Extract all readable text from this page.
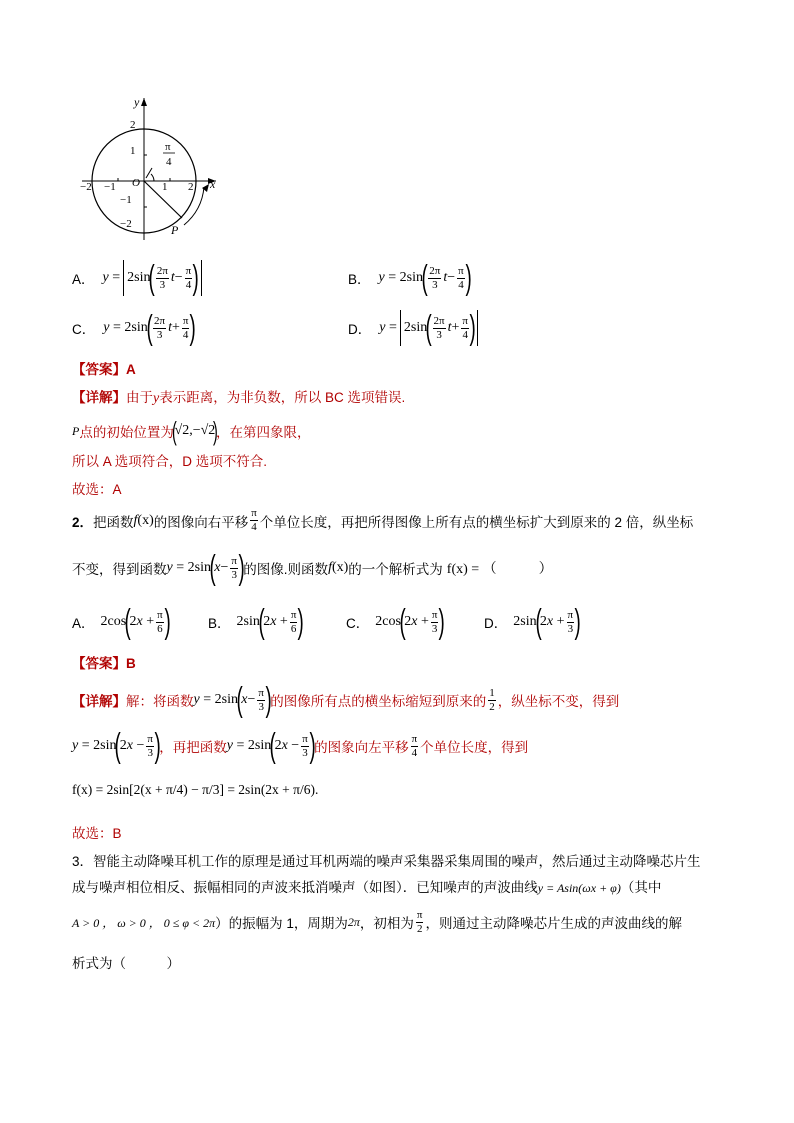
y
x
O
2
1
−1
−2
−2 −1	1 2
π
4
P
A． y = 2sin
( $\frac{2\pi}{3}$ $t - \frac{\pi}{4}$ )	B． y = 2sin
( $\frac{2\pi}{3}$ $t - \frac{\pi}{4}$ )
C． y = 2sin
( $\frac{2\pi}{3}$ $t + \frac{\pi}{4}$ )	D． y = 2sin
( $\frac{2\pi}{3}$ $t + \frac{\pi}{4}$ )
【答案】A
【详解】由于y表示距离，为非负数，所以 BC 选项错误.
P 点的初始位置为
(
√2,−√2
)
，在第四象限，
所以 A 选项符合，D 选项不符合.
故选：A
2． 把函数 f (x) 的图像向右平移 $\frac{\pi}{4}$ 个单位长度，再把所得图像上所有点的横坐标扩大到原来的 2 倍，纵坐标
不变，得到函数 y = 2sin
(
$x - \frac{\pi}{3}$ )
的图像.则函数 f (x) 的一个解析式为 f(x) = （　　　）
A． 2cos
(
$2x + \frac{\pi}{6}$ )	B． 2sin
(
$2x + \frac{\pi}{6}$ )	C． 2cos
(
$2x + \frac{\pi}{3}$ )	D． 2sin
(
$2x + \frac{\pi}{3}$ )
【答案】B
【详解】 解：将函数 y = 2sin
(
$x - \frac{\pi}{3}$ )
的图像所有点的横坐标缩短到原来的 $\frac{1}{2}$ ，纵坐标不变，得到
y = 2sin
(
$2x - \frac{\pi}{3}$ )
，再把函数 y = 2sin
(
$2x - \frac{\pi}{3}$ )
的图象向左平移 $\frac{\pi}{4}$ 个单位长度，得到
f(x) = 2sin[2(x + π/4) − π/3] = 2sin(2x + π/6).
故选：B
3．智能主动降噪耳机工作的原理是通过耳机两端的噪声采集器采集周围的噪声，然后通过主动降噪芯片生
成与噪声相位相反、振幅相同的声波来抵消噪声（如图）．已知噪声的声波曲线y = Asin(ωx + φ)（其中
A > 0 ， ω > 0 ， 0 ≤ φ < 2π ）的振幅为 1，周期为 2π ，初相为 $\frac{\pi}{2}$ ，则通过主动降噪芯片生成的声波曲线的解
析式为（　　　）
